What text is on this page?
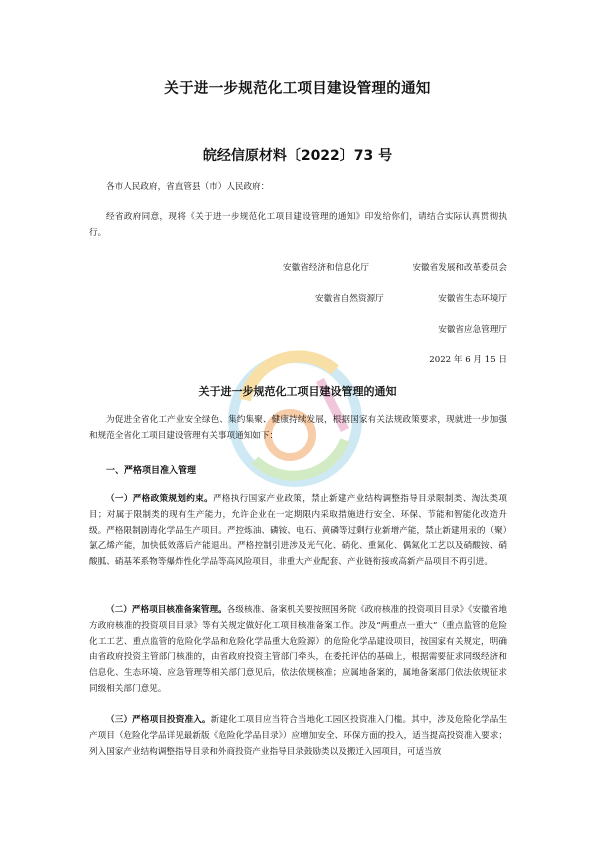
关于进一步规范化工项目建设管理的通知
皖经信原材料〔2022〕73 号

各市人民政府，省直管县（市）人民政府：

经省政府同意，现将《关于进一步规范化工项目建设管理的通知》印发给你们，请结合实际认真贯彻执行。

安徽省经济和信息化厅	安徽省发展和改革委员会
安徽省自然资源厅	安徽省生态环境厅
安徽省应急管理厅
2022 年 6 月 15 日
关于进一步规范化工项目建设管理的通知

为促进全省化工产业安全绿色、集约集聚、健康持续发展，根据国家有关法规政策要求，现就进一步加强和规范全省化工项目建设管理有关事项通知如下：

一、严格项目准入管理

（一）严格政策规划约束。严格执行国家产业政策，禁止新建产业结构调整指导目录限制类、淘汰类项目；对属于限制类的现有生产能力，允许企业在一定期限内采取措施进行安全、环保、节能和智能化改造升级。严格限制剧毒化学品生产项目。严控炼油、磷铵、电石、黄磷等过剩行业新增产能，禁止新建用汞的（聚）氯乙烯产能，加快低效落后产能退出。严格控制引进涉及光气化、硝化、重氮化、偶氮化工艺以及硝酸铵、硝酸胍、硝基苯系物等爆炸性化学品等高风险项目，非重大产业配套、产业链衔接或高新产品项目不再引进。

（二）严格项目核准备案管理。各级核准、备案机关要按照国务院《政府核准的投资项目目录》《安徽省地方政府核准的投资项目目录》等有关规定做好化工项目核准备案工作。涉及“两重点一重大”（重点监管的危险化工工艺、重点监管的危险化学品和危险化学品重大危险源）的危险化学品建设项目，按国家有关规定，明确由省政府投资主管部门核准的，由省政府投资主管部门牵头，在委托评估的基础上，根据需要征求同级经济和信息化、生态环境、应急管理等相关部门意见后，依法依规核准；应属地备案的，属地备案部门依法依规征求同级相关部门意见。

（三）严格项目投资准入。新建化工项目应当符合当地化工园区投资准入门槛。其中，涉及危险化学品生产项目（危险化学品详见最新版《危险化学品目录》）应增加安全、环保方面的投入，适当提高投资准入要求；列入国家产业结构调整指导目录和外商投资产业指导目录鼓励类以及搬迁入园项目，可适当放
